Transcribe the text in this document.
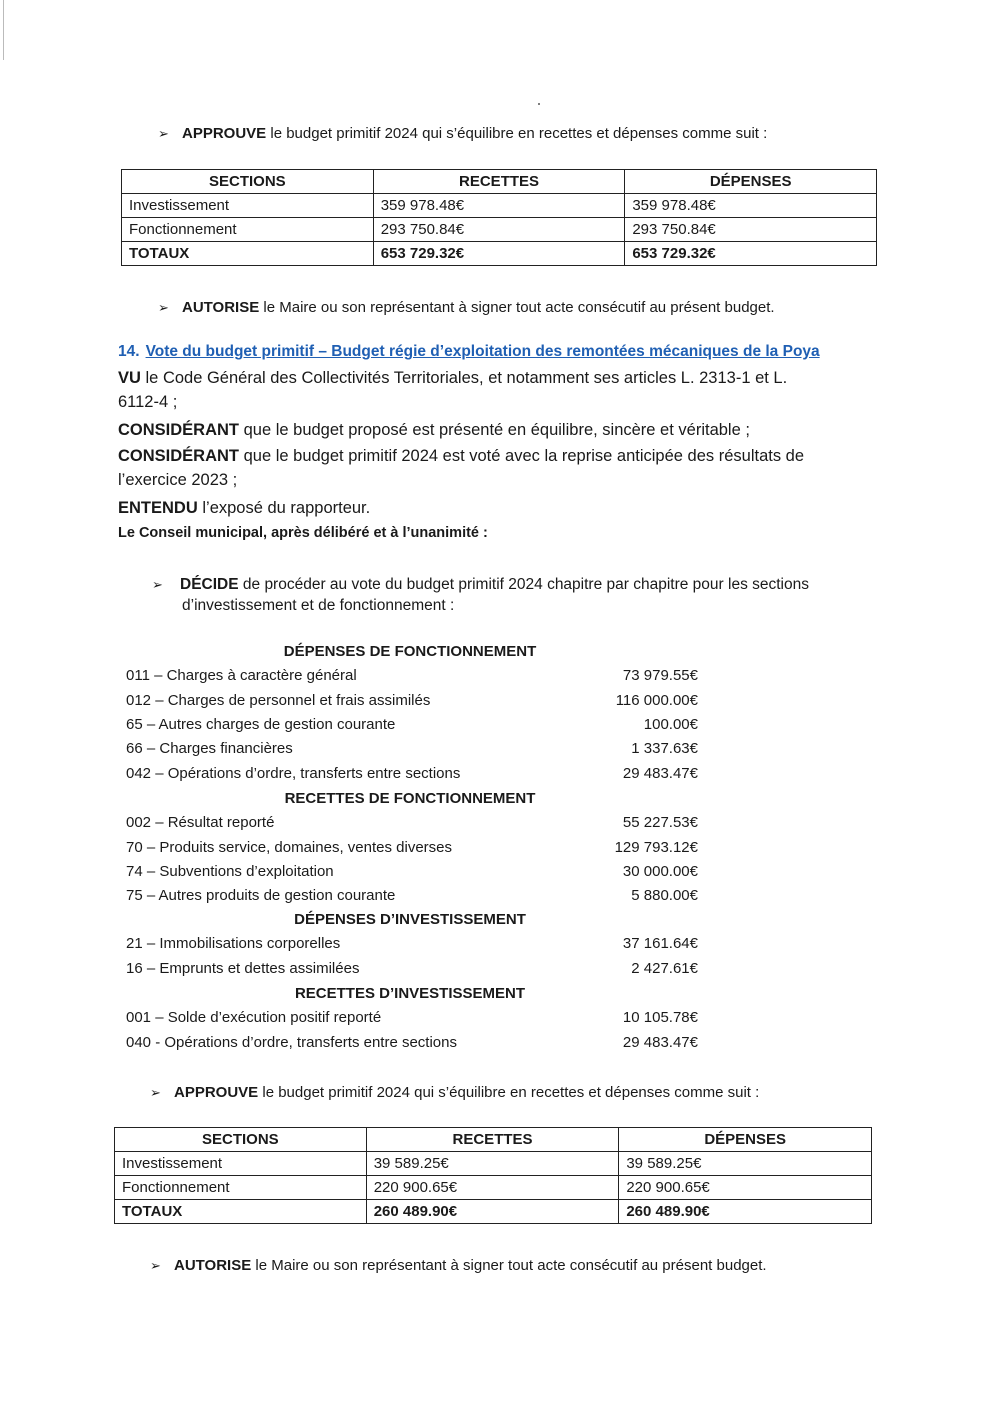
➢ APPROUVE le budget primitif 2024 qui s’équilibre en recettes et dépenses comme suit :
SECTIONS	RECETTES	DÉPENSES
Investissement	359 978.48€	359 978.48€
Fonctionnement	293 750.84€	293 750.84€
TOTAUX	653 729.32€	653 729.32€
➢ AUTORISE le Maire ou son représentant à signer tout acte consécutif au présent budget.
14. Vote du budget primitif – Budget régie d’exploitation des remontées mécaniques de la Poya
VU le Code Général des Collectivités Territoriales, et notamment ses articles L. 2313-1 et L.
6112-4 ;
CONSIDÉRANT que le budget proposé est présenté en équilibre, sincère et véritable ;
CONSIDÉRANT que le budget primitif 2024 est voté avec la reprise anticipée des résultats de
l’exercice 2023 ;
ENTENDU l’exposé du rapporteur.
Le Conseil municipal, après délibéré et à l’unanimité :
➢ DÉCIDE de procéder au vote du budget primitif 2024 chapitre par chapitre pour les sections
d’investissement et de fonctionnement :
DÉPENSES DE FONCTIONNEMENT
011 – Charges à caractère général	73 979.55€
012 – Charges de personnel et frais assimilés	116 000.00€
65 – Autres charges de gestion courante	100.00€
66 – Charges financières	1 337.63€
042 – Opérations d’ordre, transferts entre sections	29 483.47€
RECETTES DE FONCTIONNEMENT
002 – Résultat reporté	55 227.53€
70 – Produits service, domaines, ventes diverses	129 793.12€
74 – Subventions d’exploitation	30 000.00€
75 – Autres produits de gestion courante	5 880.00€
DÉPENSES D’INVESTISSEMENT
21 – Immobilisations corporelles	37 161.64€
16 – Emprunts et dettes assimilées	2 427.61€
RECETTES D’INVESTISSEMENT
001 – Solde d’exécution positif reporté	10 105.78€
040 - Opérations d’ordre, transferts entre sections	29 483.47€
➢ APPROUVE le budget primitif 2024 qui s’équilibre en recettes et dépenses comme suit :
SECTIONS	RECETTES	DÉPENSES
Investissement	39 589.25€	39 589.25€
Fonctionnement	220 900.65€	220 900.65€
TOTAUX	260 489.90€	260 489.90€
➢ AUTORISE le Maire ou son représentant à signer tout acte consécutif au présent budget.
